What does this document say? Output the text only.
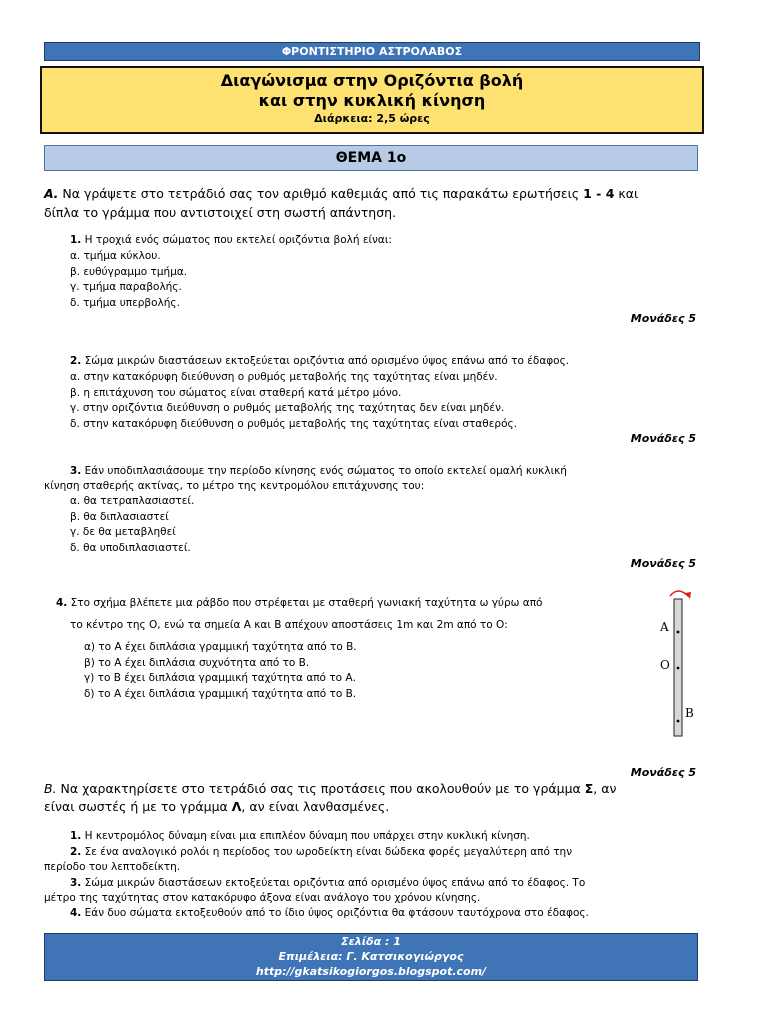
ΦΡΟΝΤΙΣΤΗΡΙΟ ΑΣΤΡΟΛΑΒΟΣ
Διαγώνισμα στην Οριζόντια βολή
και στην κυκλική κίνηση
Διάρκεια: 2,5 ώρες
ΘΕΜΑ 1ο
Α. Να γράψετε στο τετράδιό σας τον αριθμό καθεμιάς από τις παρακάτω ερωτήσεις 1 - 4 και
δίπλα το γράμμα που αντιστοιχεί στη σωστή απάντηση.
1. Η τροχιά ενός σώματος που εκτελεί οριζόντια βολή είναι:
α. τμήμα κύκλου.
β. ευθύγραμμο τμήμα.
γ. τμήμα παραβολής.
δ. τμήμα υπερβολής.
Μονάδες 5
2. Σώμα μικρών διαστάσεων εκτοξεύεται οριζόντια από ορισμένο ύψος επάνω από το έδαφος.
α. στην κατακόρυφη διεύθυνση ο ρυθμός μεταβολής της ταχύτητας είναι μηδέν.
β. η επιτάχυνση του σώματος είναι σταθερή κατά μέτρο μόνο.
γ. στην οριζόντια διεύθυνση ο ρυθμός μεταβολής της ταχύτητας δεν είναι μηδέν.
δ. στην κατακόρυφη διεύθυνση ο ρυθμός μεταβολής της ταχύτητας είναι σταθερός.
Μονάδες 5
3. Εάν υποδιπλασιάσουμε την περίοδο κίνησης ενός σώματος το οποίο εκτελεί ομαλή κυκλική
κίνηση σταθερής ακτίνας, το μέτρο της κεντρομόλου επιτάχυνσης του:
α. θα τετραπλασιαστεί.
β. θα διπλασιαστεί
γ. δε θα μεταβληθεί
δ. θα υποδιπλασιαστεί.
Μονάδες 5
4. Στο σχήμα βλέπετε μια ράβδο που στρέφεται με σταθερή γωνιακή ταχύτητα ω γύρω από
το κέντρο της Ο, ενώ τα σημεία Α και Β απέχουν αποστάσεις 1m και 2m από το Ο:
α) το Α έχει διπλάσια γραμμική ταχύτητα από το Β.
β) το Α έχει διπλάσια συχνότητα από το Β.
γ) το Β έχει διπλάσια γραμμική ταχύτητα από το Α.
δ) το Α έχει διπλάσια γραμμική ταχύτητα από το Β.
Α
Ο
Β
Μονάδες 5
Β. Να χαρακτηρίσετε στο τετράδιό σας τις προτάσεις που ακολουθούν με το γράμμα Σ, αν
είναι σωστές ή με το γράμμα Λ, αν είναι λανθασμένες.
1. Η κεντρομόλος δύναμη είναι μια επιπλέον δύναμη που υπάρχει στην κυκλική κίνηση.
2. Σε ένα αναλογικό ρολόι η περίοδος του ωροδείκτη είναι δώδεκα φορές μεγαλύτερη από την
περίοδο του λεπτοδείκτη.
3. Σώμα μικρών διαστάσεων εκτοξεύεται οριζόντια από ορισμένο ύψος επάνω από το έδαφος. Το
μέτρο της ταχύτητας στον κατακόρυφο άξονα είναι ανάλογο του χρόνου κίνησης.
4. Εάν δυο σώματα εκτοξευθούν από το ίδιο ύψος οριζόντια θα φτάσουν ταυτόχρονα στο έδαφος.
Σελίδα : 1
Επιμέλεια: Γ. Κατσικογιώργος
http://gkatsikogiorgos.blogspot.com/
